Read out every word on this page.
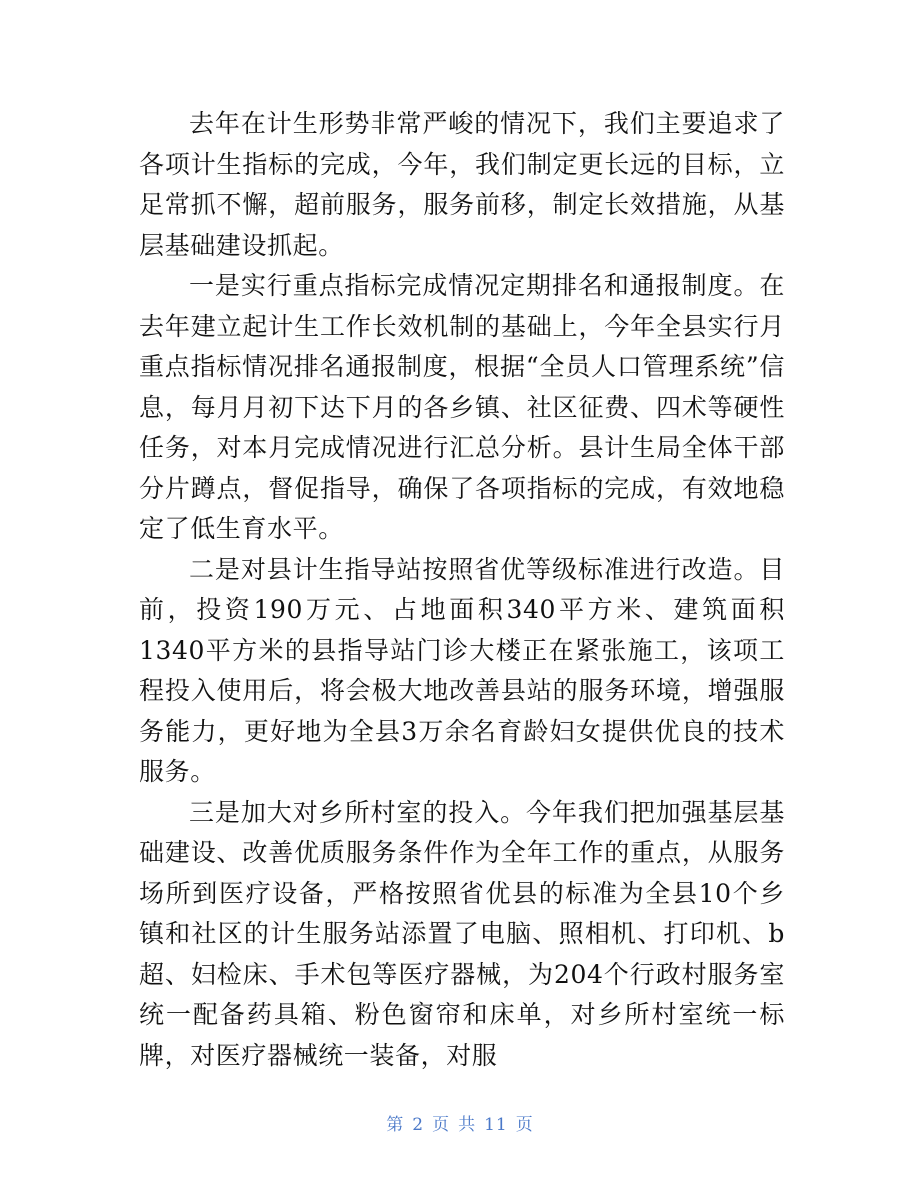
去年在计生形势非常严峻的情况下，我们主要追求了各项计生指标的完成，今年，我们制定更长远的目标，立足常抓不懈，超前服务，服务前移，制定长效措施，从基层基础建设抓起。

一是实行重点指标完成情况定期排名和通报制度。在去年建立起计生工作长效机制的基础上，今年全县实行月重点指标情况排名通报制度，根据“全员人口管理系统”信息，每月月初下达下月的各乡镇、社区征费、四术等硬性任务，对本月完成情况进行汇总分析。县计生局全体干部分片蹲点，督促指导，确保了各项指标的完成，有效地稳定了低生育水平。

二是对县计生指导站按照省优等级标准进行改造。目前，投资190万元、占地面积340平方米、建筑面积1340平方米的县指导站门诊大楼正在紧张施工，该项工程投入使用后，将会极大地改善县站的服务环境，增强服务能力，更好地为全县3万余名育龄妇女提供优良的技术服务。

三是加大对乡所村室的投入。今年我们把加强基层基础建设、改善优质服务条件作为全年工作的重点，从服务场所到医疗设备，严格按照省优县的标准为全县10个乡镇和社区的计生服务站添置了电脑、照相机、打印机、b超、妇检床、手术包等医疗器械，为204个行政村服务室统一配备药具箱、粉色窗帘和床单，对乡所村室统一标牌，对医疗器械统一装备，对服

第 2 页 共 11 页
